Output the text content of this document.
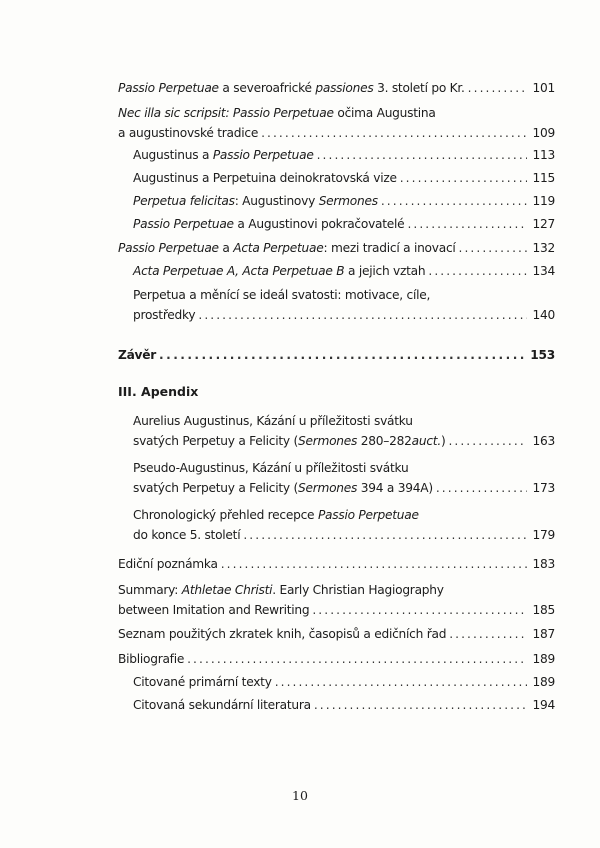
Passio Perpetuae a severoafrické passiones 3. století po Kr. . . .	101
Nec illa sic scripsit: Passio Perpetuae očima Augustina
a augustinovské tradice . . .	109
Augustinus a Passio Perpetuae . . .	113
Augustinus a Perpetuina deinokratovská vize . . .	115
Perpetua felicitas: Augustinovy Sermones . . .	119
Passio Perpetuae a Augustinovi pokračovatelé . . .	127
Passio Perpetuae a Acta Perpetuae: mezi tradicí a inovací . . .	132
Acta Perpetuae A, Acta Perpetuae B a jejich vztah . . .	134
Perpetua a měnící se ideál svatosti: motivace, cíle,
prostředky . . .	140
Závěr . . .	153
Aurelius Augustinus, Kázání u příležitosti svátku
svatých Perpetuy a Felicity (Sermones 280–282auct.) . . .	163
Pseudo-Augustinus, Kázání u příležitosti svátku
svatých Perpetuy a Felicity (Sermones 394 a 394A) . . .	173
Chronologický přehled recepce Passio Perpetuae
do konce 5. století . . .	179
Ediční poznámka . . .	183
Summary: Athletae Christi. Early Christian Hagiography
between Imitation and Rewriting . . .	185
Seznam použitých zkratek knih, časopisů a edičních řad . . .	187
Bibliografie . . .	189
Citované primární texty . . .	189
Citovaná sekundární literatura . . .	194
III. Apendix
10
